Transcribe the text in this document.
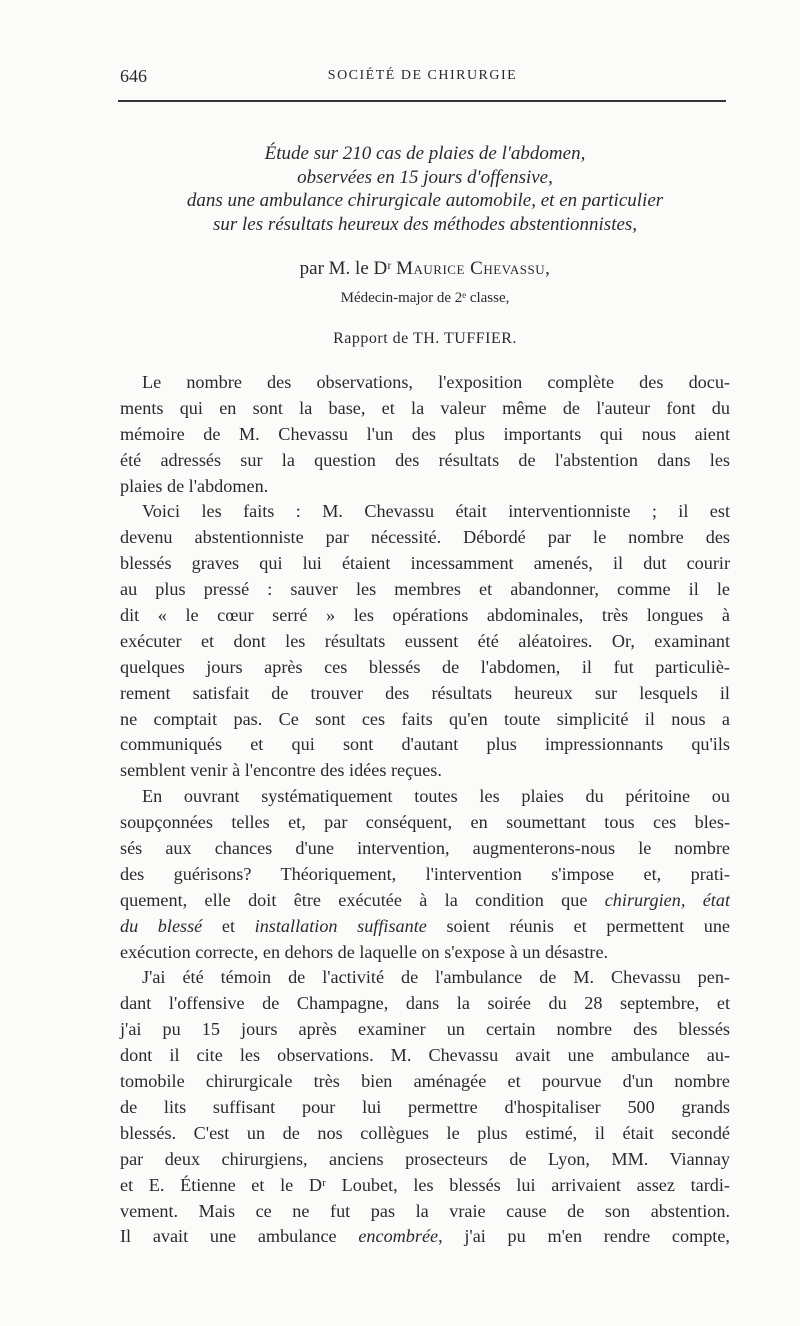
646	SOCIÉTÉ DE CHIRURGIE
Étude sur 210 cas de plaies de l'abdomen,
observées en 15 jours d'offensive,
dans une ambulance chirurgicale automobile, et en particulier
sur les résultats heureux des méthodes abstentionnistes,
par M. le Dʳ Maurice Chevassu,
Médecin-major de 2ᵉ classe,
Rapport de TH. TUFFIER.
Le nombre des observations, l'exposition complète des docu-
ments qui en sont la base, et la valeur même de l'auteur font du
mémoire de M. Chevassu l'un des plus importants qui nous aient
été adressés sur la question des résultats de l'abstention dans les
plaies de l'abdomen.
Voici les faits : M. Chevassu était interventionniste ; il est
devenu abstentionniste par nécessité. Débordé par le nombre des
blessés graves qui lui étaient incessamment amenés, il dut courir
au plus pressé : sauver les membres et abandonner, comme il le
dit « le cœur serré » les opérations abdominales, très longues à
exécuter et dont les résultats eussent été aléatoires. Or, examinant
quelques jours après ces blessés de l'abdomen, il fut particuliè-
rement satisfait de trouver des résultats heureux sur lesquels il
ne comptait pas. Ce sont ces faits qu'en toute simplicité il nous a
communiqués et qui sont d'autant plus impressionnants qu'ils
semblent venir à l'encontre des idées reçues.
En ouvrant systématiquement toutes les plaies du péritoine ou
soupçonnées telles et, par conséquent, en soumettant tous ces bles-
sés aux chances d'une intervention, augmenterons-nous le nombre
des guérisons? Théoriquement, l'intervention s'impose et, prati-
quement, elle doit être exécutée à la condition que chirurgien, état
du blessé et installation suffisante soient réunis et permettent une
exécution correcte, en dehors de laquelle on s'expose à un désastre.
J'ai été témoin de l'activité de l'ambulance de M. Chevassu pen-
dant l'offensive de Champagne, dans la soirée du 28 septembre, et
j'ai pu 15 jours après examiner un certain nombre des blessés
dont il cite les observations. M. Chevassu avait une ambulance au-
tomobile chirurgicale très bien aménagée et pourvue d'un nombre
de lits suffisant pour lui permettre d'hospitaliser 500 grands
blessés. C'est un de nos collègues le plus estimé, il était secondé
par deux chirurgiens, anciens prosecteurs de Lyon, MM. Viannay
et E. Étienne et le Dʳ Loubet, les blessés lui arrivaient assez tardi-
vement. Mais ce ne fut pas la vraie cause de son abstention.
Il avait une ambulance encombrée, j'ai pu m'en rendre compte,
